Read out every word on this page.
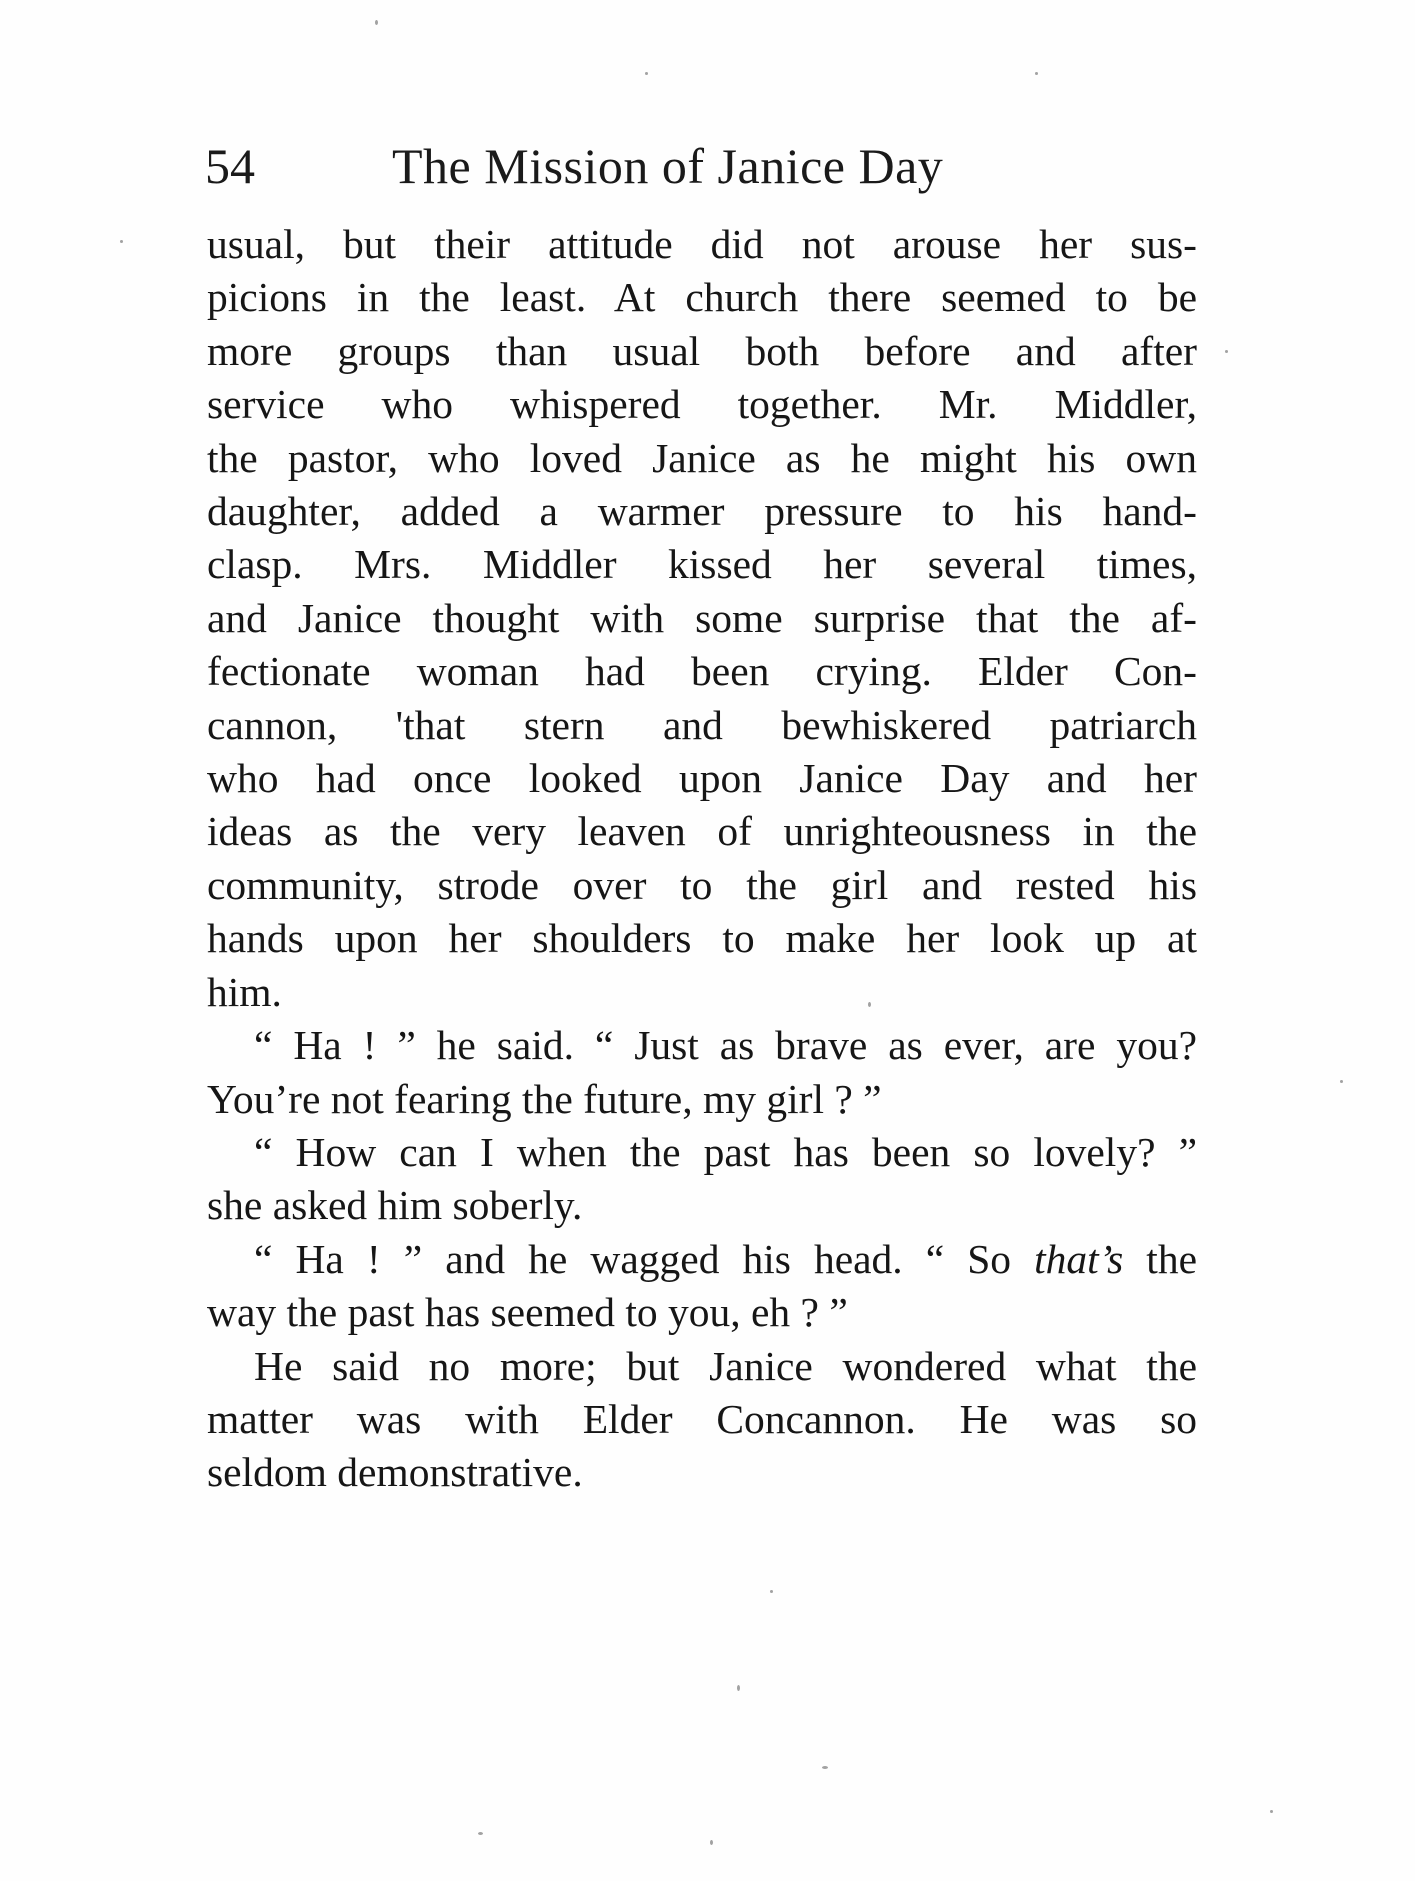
54	The Mission of Janice Day

usual, but their attitude did not arouse her sus-
picions in the least. At church there seemed to be
more groups than usual both before and after
service who whispered together. Mr. Middler,
the pastor, who loved Janice as he might his own
daughter, added a warmer pressure to his hand-
clasp. Mrs. Middler kissed her several times,
and Janice thought with some surprise that the af-
fectionate woman had been crying. Elder Con-
cannon, 'that stern and bewhiskered patriarch
who had once looked upon Janice Day and her
ideas as the very leaven of unrighteousness in the
community, strode over to the girl and rested his
hands upon her shoulders to make her look up at
him.

“ Ha ! ” he said. “ Just as brave as ever, are you?
You’re not fearing the future, my girl ? ”

“ How can I when the past has been so lovely? ”
she asked him soberly.

“ Ha ! ” and he wagged his head. “ So that’s the
way the past has seemed to you, eh ? ”

He said no more; but Janice wondered what the
matter was with Elder Concannon. He was so
seldom demonstrative.
